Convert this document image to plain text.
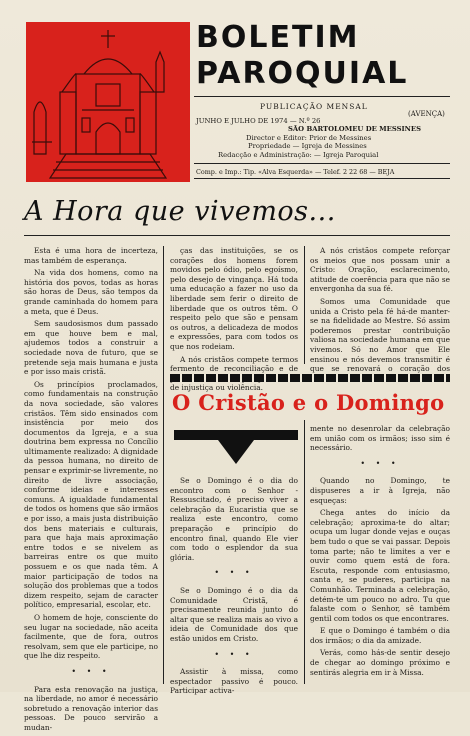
BOLETIM
PAROQUIAL
PUBLICAÇÃO MENSAL
(AVENÇA)
JUNHO E JULHO DE 1974 — N.º 26
SÃO BARTOLOMEU DE MESSINES
Director e Editor: Prior de Messines
Propriedade — Igreja de Messines
Redacção e Administração: — Igreja Paroquial
Comp. e Imp.: Tip. «Alva Esquerda» — Telef. 2 22 68 — BEJA
A Hora que vivemos...

Esta é uma hora de incerteza, mas também de esperança.

Na vida dos homens, como na história dos povos, todas as horas são horas de Deus, são tempos da grande caminhada do homem para a meta, que é Deus.

Sem saudosismos dum passado em que houve bem e mal, ajudemos todos a construir a sociedade nova de futuro, que se pretende seja mais humana e justa e por isso mais cristã.

Os princípios proclamados, como fundamentais na construção da nova sociedade, são valores cristãos. Têm sido ensinados com insistência por meio dos documentos da Igreja, e a sua doutrina bem expressa no Concílio ultimamente realizado: A dignidade da pessoa humana, no direito de pensar e exprimir-se livremente, no direito de livre associação, conforme ideias e interesses comuns. A igualdade fundamental de todos os homens que são irmãos e por isso, a mais justa distribuição dos bens materiais e culturais, para que haja mais aproximação entre todos e se nivelem as barreiras entre os que muito possuem e os que nada têm. A maior participação de todos na solução dos problemas que a todos dizem respeito, sejam de caracter político, empresarial, escolar, etc.

O homem de hoje, consciente do seu lugar na sociedade, não aceita facilmente, que de fora, outros resolvam, sem que ele participe, no que lhe diz respeito.

• • •

Para esta renovação na justiça, na liberdade, no amor é necessário sobretudo a renovação interior das pessoas. De pouco servirão a mudan-

ças das instituições, se os corações dos homens forem movidos pelo ódio, pelo egoísmo, pelo desejo de vingança. Há toda uma educação a fazer no uso da liberdade sem ferir o direito de liberdade que os outros têm. O respeito pelo que são e pensam os outros, a delicadeza de modos e expressões, para com todos os que nos rodeiam.

A nós cristãos compete termos fermento de reconciliação e de de injustiça ou violência.

A nós cristãos compete reforçar os meios que nos possam unir a Cristo: Oração, esclarecimento, atitude de coerência para que não se envergonha da sua fé.

Somos uma Comunidade que unida a Cristo pela fé há-de manter-se na fidelidade ao Mestre. Só assim poderemos prestar contribuição valiosa na sociedade humana em que vivemos. Só no Amor que Ele ensinou e nós devemos transmitir é que se renovará o coração dos

O Cristão e o Domingo

Se o Domingo é o dia do encontro com o Senhor - Ressuscitado, é preciso viver a celebração da Eucaristia que se realiza este encontro, como preparação e princípio do encontro final, quando Ele vier com todo o esplendor da sua glória.

• • •

Se o Domingo é o dia da Comunidade Cristã, é precisamente reunida junto do altar que se realiza mais ao vivo a ideia de Comunidade dos que estão unidos em Cristo.

• • •

Assistir à missa, como espectador passivo é pouco. Participar activa-

mente no desenrolar da celebração em união com os irmãos; isso sim é necessário.

• • •

Quando no Domingo, te dispuseres a ir à Igreja, não esqueças:

Chega antes do início da celebração; aproxima-te do altar; ocupa um lugar donde vejas e ouças bem tudo o que se vai passar. Depois toma parte; não te limites a ver e ouvir como quem está de fora. Escuta, responde com entusiasmo, canta e, se puderes, participa na Comunhão. Terminada a celebração, detém-te um pouco no adro. Tu que falaste com o Senhor, sê também gentil com todos os que encontrares.

E que o Domingo é também o dia dos irmãos; o dia da amizade.

Verás, como hás-de sentir desejo de chegar ao domingo próximo e sentirás alegria em ir à Missa.
